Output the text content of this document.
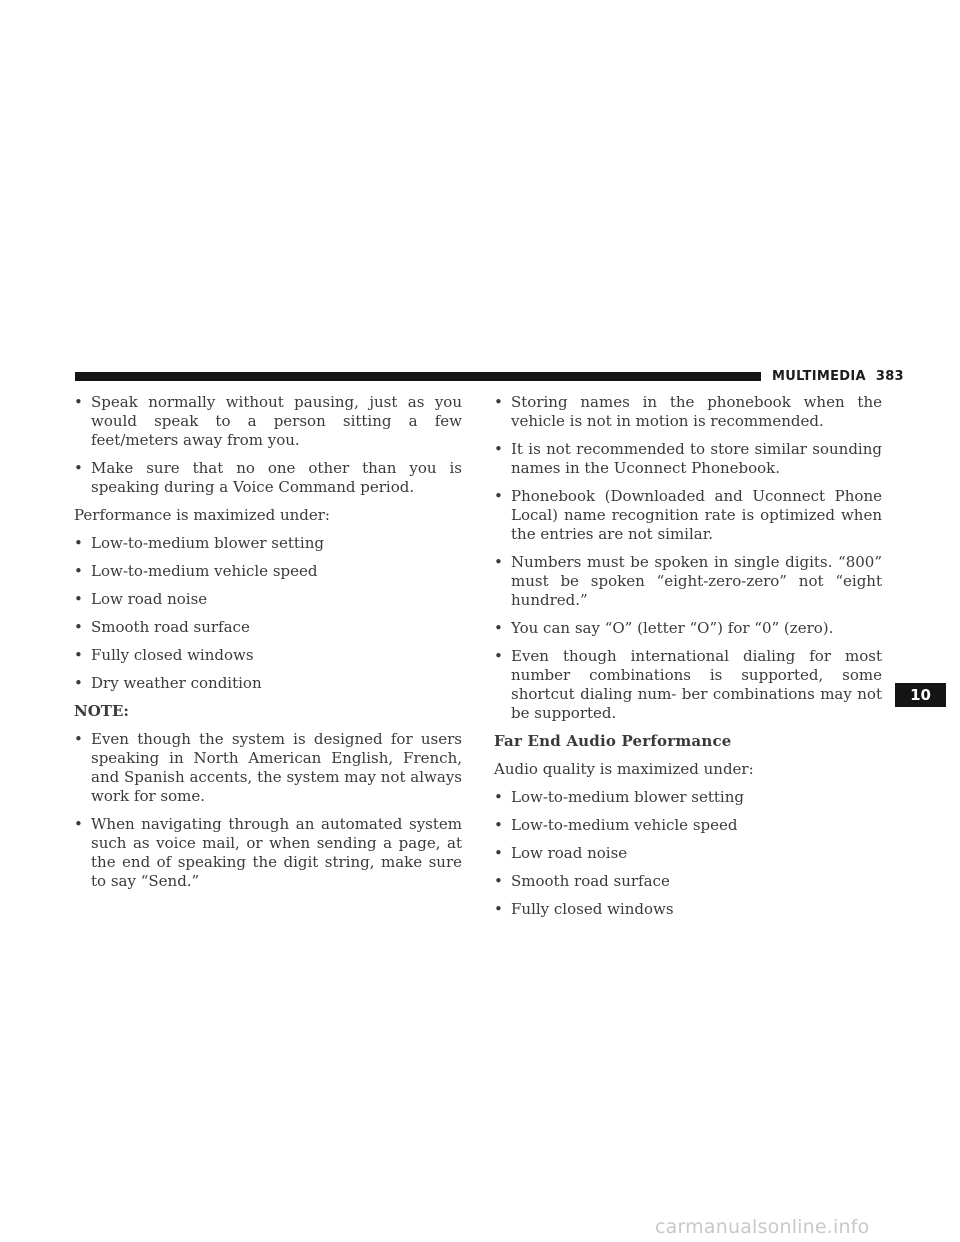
MULTIMEDIA 383
• Speak normally without pausing, just as you would speak to a person sitting a few feet/meters away from you.
• Make sure that no one other than you is speaking during a Voice Command period.
Performance is maximized under:
• Low-to-medium blower setting
• Low-to-medium vehicle speed
• Low road noise
• Smooth road surface
• Fully closed windows
• Dry weather condition
NOTE:
• Even though the system is designed for users speaking in North American English, French, and Spanish accents, the system may not always work for some.
• When navigating through an automated system such as voice mail, or when sending a page, at the end of speaking the digit string, make sure to say “Send.”
• Storing names in the phonebook when the vehicle is not in motion is recommended.
• It is not recommended to store similar sounding names in the Uconnect Phonebook.
• Phonebook (Downloaded and Uconnect Phone Local) name recognition rate is optimized when the entries are not similar.
• Numbers must be spoken in single digits. “800” must be spoken “eight-zero-zero” not “eight hundred.”
• You can say “O” (letter “O”) for “0” (zero).
• Even though international dialing for most number combinations is supported, some shortcut dialing num- ber combinations may not be supported.
Far End Audio Performance
Audio quality is maximized under:
• Low-to-medium blower setting
• Low-to-medium vehicle speed
• Low road noise
• Smooth road surface
• Fully closed windows
10
carmanualsonline.info
